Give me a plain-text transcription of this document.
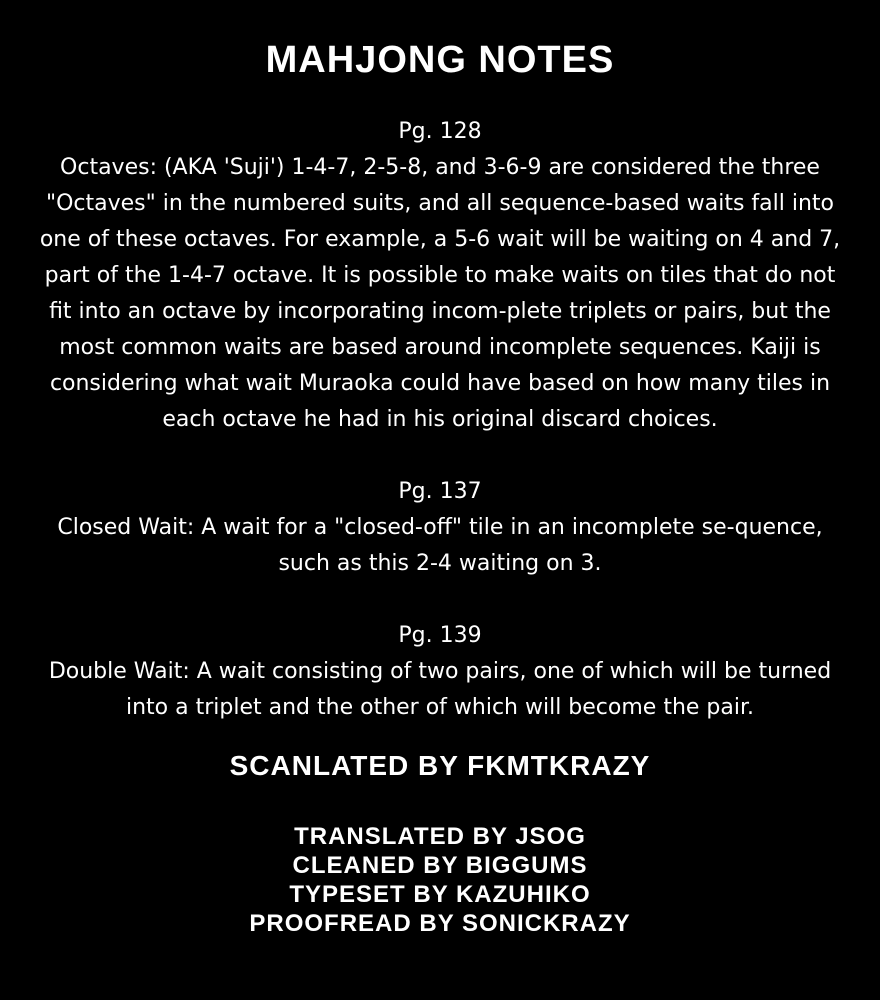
MAHJONG NOTES
Pg. 128
Octaves: (AKA 'Suji') 1-4-7, 2-5-8, and 3-6-9 are considered the three "Octaves" in the numbered suits, and all sequence-based waits fall into one of these octaves. For example, a 5-6 wait will be waiting on 4 and 7, part of the 1-4-7 octave. It is possible to make waits on tiles that do not fit into an octave by incorporating incom-plete triplets or pairs, but the most common waits are based around incomplete sequences. Kaiji is considering what wait Muraoka could have based on how many tiles in each octave he had in his original discard choices.
Pg. 137
Closed Wait: A wait for a "closed-off" tile in an incomplete se-quence, such as this 2-4 waiting on 3.
Pg. 139
Double Wait: A wait consisting of two pairs, one of which will be turned into a triplet and the other of which will become the pair.
SCANLATED BY FKMTKRAZY
TRANSLATED BY JSOG
CLEANED BY BIGGUMS
TYPESET BY KAZUHIKO
PROOFREAD BY SONICKRAZY
